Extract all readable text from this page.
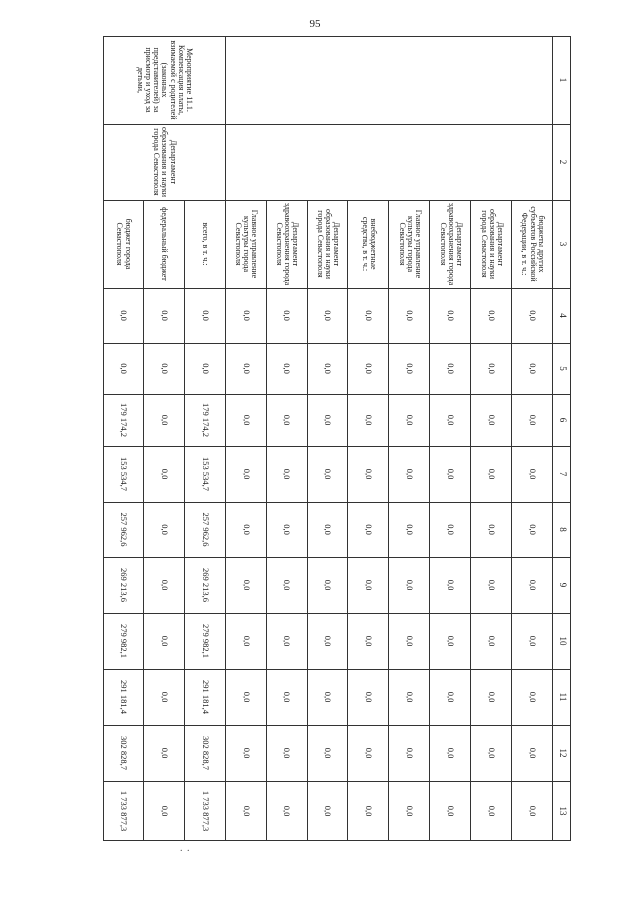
95
1
2
3
4
5
6
7
8
9
10
11
12
13
Мероприятие 11.1. Компенсация платы, взимаемой с родителей (законных представителей) за присмотр и уход за детьми,
Департамент образования и науки города Севастополя
бюджеты других субъектов Российской Федерации, в т. ч.:
0,0
0,0
0,0
0,0
0,0
0,0
0,0
0,0
0,0
0,0
Департамент образования и науки города Севастополя
0,0
0,0
0,0
0,0
0,0
0,0
0,0
0,0
0,0
0,0
Департамент здравоохранения города Севастополя
0,0
0,0
0,0
0,0
0,0
0,0
0,0
0,0
0,0
0,0
Главное управление культуры города Севастополя
0,0
0,0
0,0
0,0
0,0
0,0
0,0
0,0
0,0
0,0
внебюджетные средства, в т. ч.:
0,0
0,0
0,0
0,0
0,0
0,0
0,0
0,0
0,0
0,0
Департамент образования и науки города Севастополя
0,0
0,0
0,0
0,0
0,0
0,0
0,0
0,0
0,0
0,0
Департамент здравоохранения города Севастополя
0,0
0,0
0,0
0,0
0,0
0,0
0,0
0,0
0,0
0,0
Главное управление культуры города Севастополя
0,0
0,0
0,0
0,0
0,0
0,0
0,0
0,0
0,0
0,0
всего, в т. ч.:
0,0
0,0
179 174,2
153 534,7
257 962,6
269 213,6
279 982,1
291 181,4
302 828,7
1 733 877,3
федеральный бюджет
0,0
0,0
0,0
0,0
0,0
0,0
0,0
0,0
0,0
0,0
бюджет города Севастополя
0,0
0,0
179 174,2
153 534,7
257 962,6
269 213,6
279 982,1
291 181,4
302 828,7
1 733 877,3
. .
